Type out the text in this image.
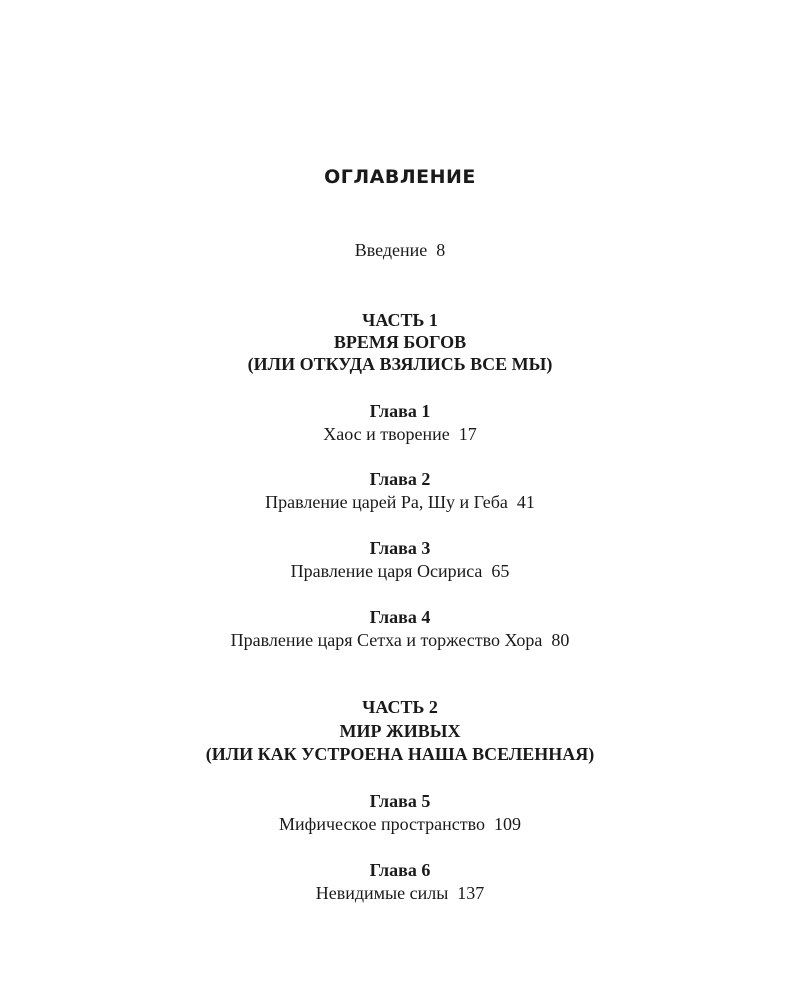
ОГЛАВЛЕНИЕ
Введение 8
ЧАСТЬ 1
ВРЕМЯ БОГОВ
(ИЛИ ОТКУДА ВЗЯЛИСЬ ВСЕ МЫ)
Глава 1
Хаос и творение 17
Глава 2
Правление царей Ра, Шу и Геба 41
Глава 3
Правление царя Осириса 65
Глава 4
Правление царя Сетха и торжество Хора 80
ЧАСТЬ 2
МИР ЖИВЫХ
(ИЛИ КАК УСТРОЕНА НАША ВСЕЛЕННАЯ)
Глава 5
Мифическое пространство 109
Глава 6
Невидимые силы 137
